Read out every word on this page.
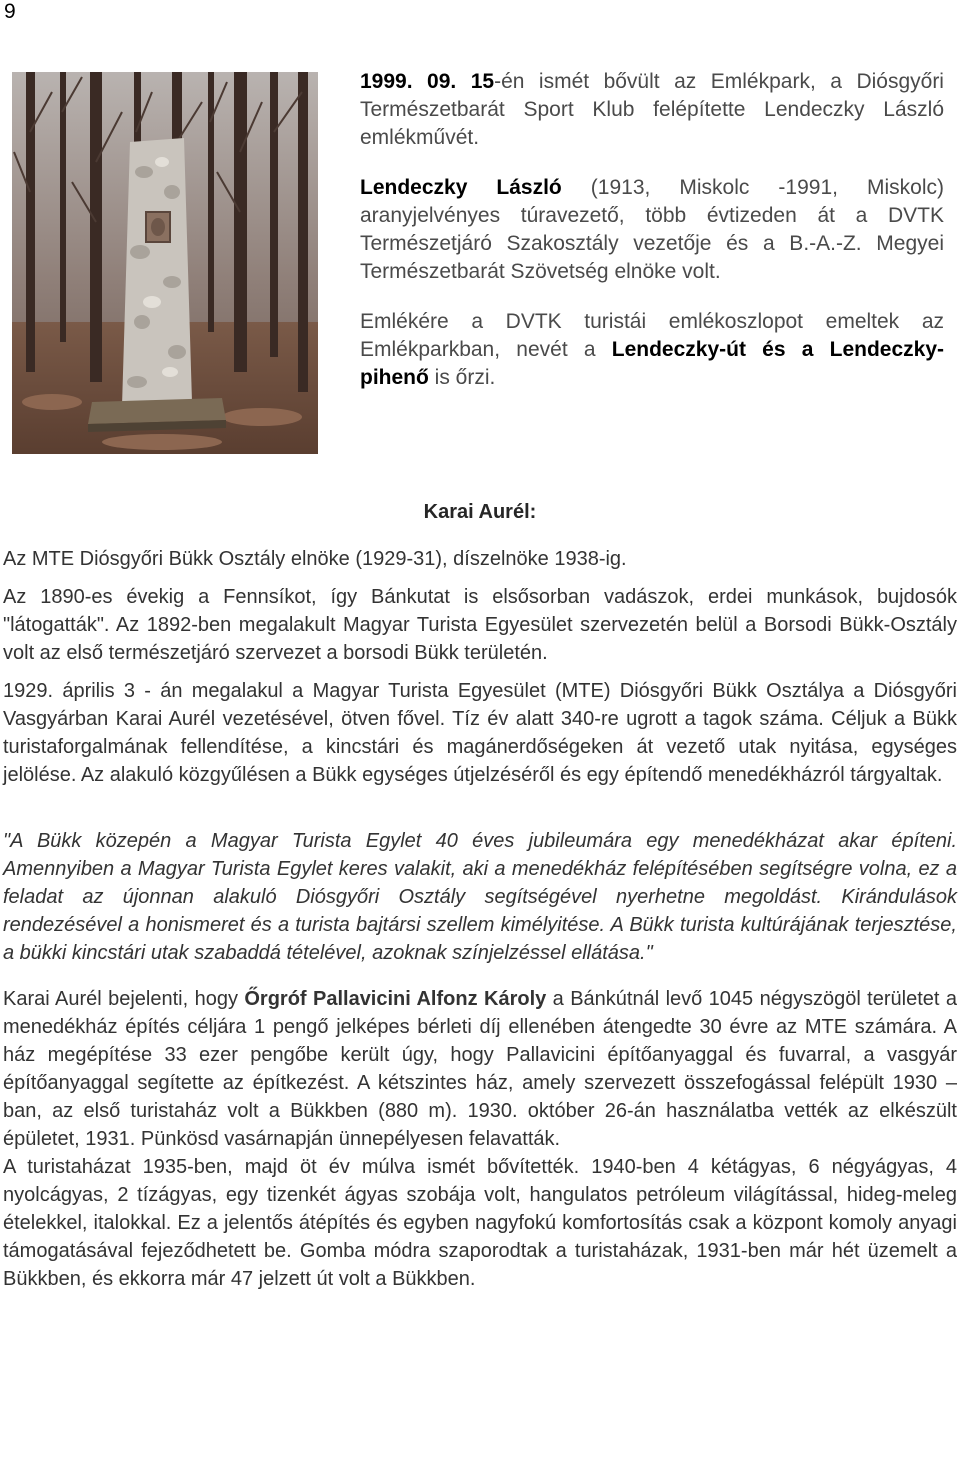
9

1999. 09. 15-én ismét bővült az Emlékpark, a Diósgyőri Természetbarát Sport Klub felépítette Lendeczky László emlékművét.

Lendeczky László (1913, Miskolc -1991, Miskolc) aranyjelvényes túravezető, több évtizeden át a DVTK Természetjáró Szakosztály vezetője és a B.-A.-Z. Megyei Természetbarát Szövetség elnöke volt.

Emlékére a DVTK turistái emlékoszlopot emeltek az Emlékparkban, nevét a Lendeczky-út és a Lendeczky-pihenő is őrzi.

Karai Aurél:

Az MTE Diósgyőri Bükk Osztály elnöke (1929-31), díszelnöke 1938-ig.

Az 1890-es évekig a Fennsíkot, így Bánkutat is elsősorban vadászok, erdei munkások, bujdosók "látogatták". Az 1892-ben megalakult Magyar Turista Egyesület szervezetén belül a Borsodi Bükk-Osztály volt az első természetjáró szervezet a borsodi Bükk területén.

1929. április 3 - án megalakul a Magyar Turista Egyesület (MTE) Diósgyőri Bükk Osztálya a Diósgyőri Vasgyárban Karai Aurél vezetésével, ötven fővel. Tíz év alatt 340-re ugrott a tagok száma. Céljuk a Bükk turistaforgalmának fellendítése, a kincstári és magánerdőségeken át vezető utak nyitása, egységes jelölése. Az alakuló közgyűlésen a Bükk egységes útjelzéséről és egy építendő menedékházról tárgyaltak.

"A Bükk közepén a Magyar Turista Egylet 40 éves jubileumára egy menedékházat akar építeni. Amennyiben a Magyar Turista Egylet keres valakit, aki a menedékház felépítésében segítségre volna, ez a feladat az újonnan alakuló Diósgyőri Osztály segítségével nyerhetne megoldást. Kirándulások rendezésével a honismeret és a turista bajtársi szellem kimélyitése. A Bükk turista kultúrájának terjesztése, a bükki kincstári utak szabaddá tételével, azoknak színjelzéssel ellátása."

Karai Aurél bejelenti, hogy Őrgróf Pallavicini Alfonz Károly a Bánkútnál levő 1045 négyszögöl területet a menedékház építés céljára 1 pengő jelképes bérleti díj ellenében átengedte 30 évre az MTE számára. A ház megépítése 33 ezer pengőbe került úgy, hogy Pallavicini építőanyaggal és fuvarral, a vasgyár építőanyaggal segítette az építkezést. A kétszintes ház, amely szervezett összefogással felépült 1930 – ban, az első turistaház volt a Bükkben (880 m). 1930. október 26-án használatba vették az elkészült épületet, 1931. Pünkösd vasárnapján ünnepélyesen felavatták.

A turistaházat 1935-ben, majd öt év múlva ismét bővítették. 1940-ben 4 kétágyas, 6 négyágyas, 4 nyolcágyas, 2 tízágyas, egy tizenkét ágyas szobája volt, hangulatos petróleum világítással, hideg-meleg ételekkel, italokkal. Ez a jelentős átépítés és egyben nagyfokú komfortosítás csak a központ komoly anyagi támogatásával fejeződhetett be. Gomba módra szaporodtak a turistaházak, 1931-ben már hét üzemelt a Bükkben, és ekkorra már 47 jelzett út volt a Bükkben.
